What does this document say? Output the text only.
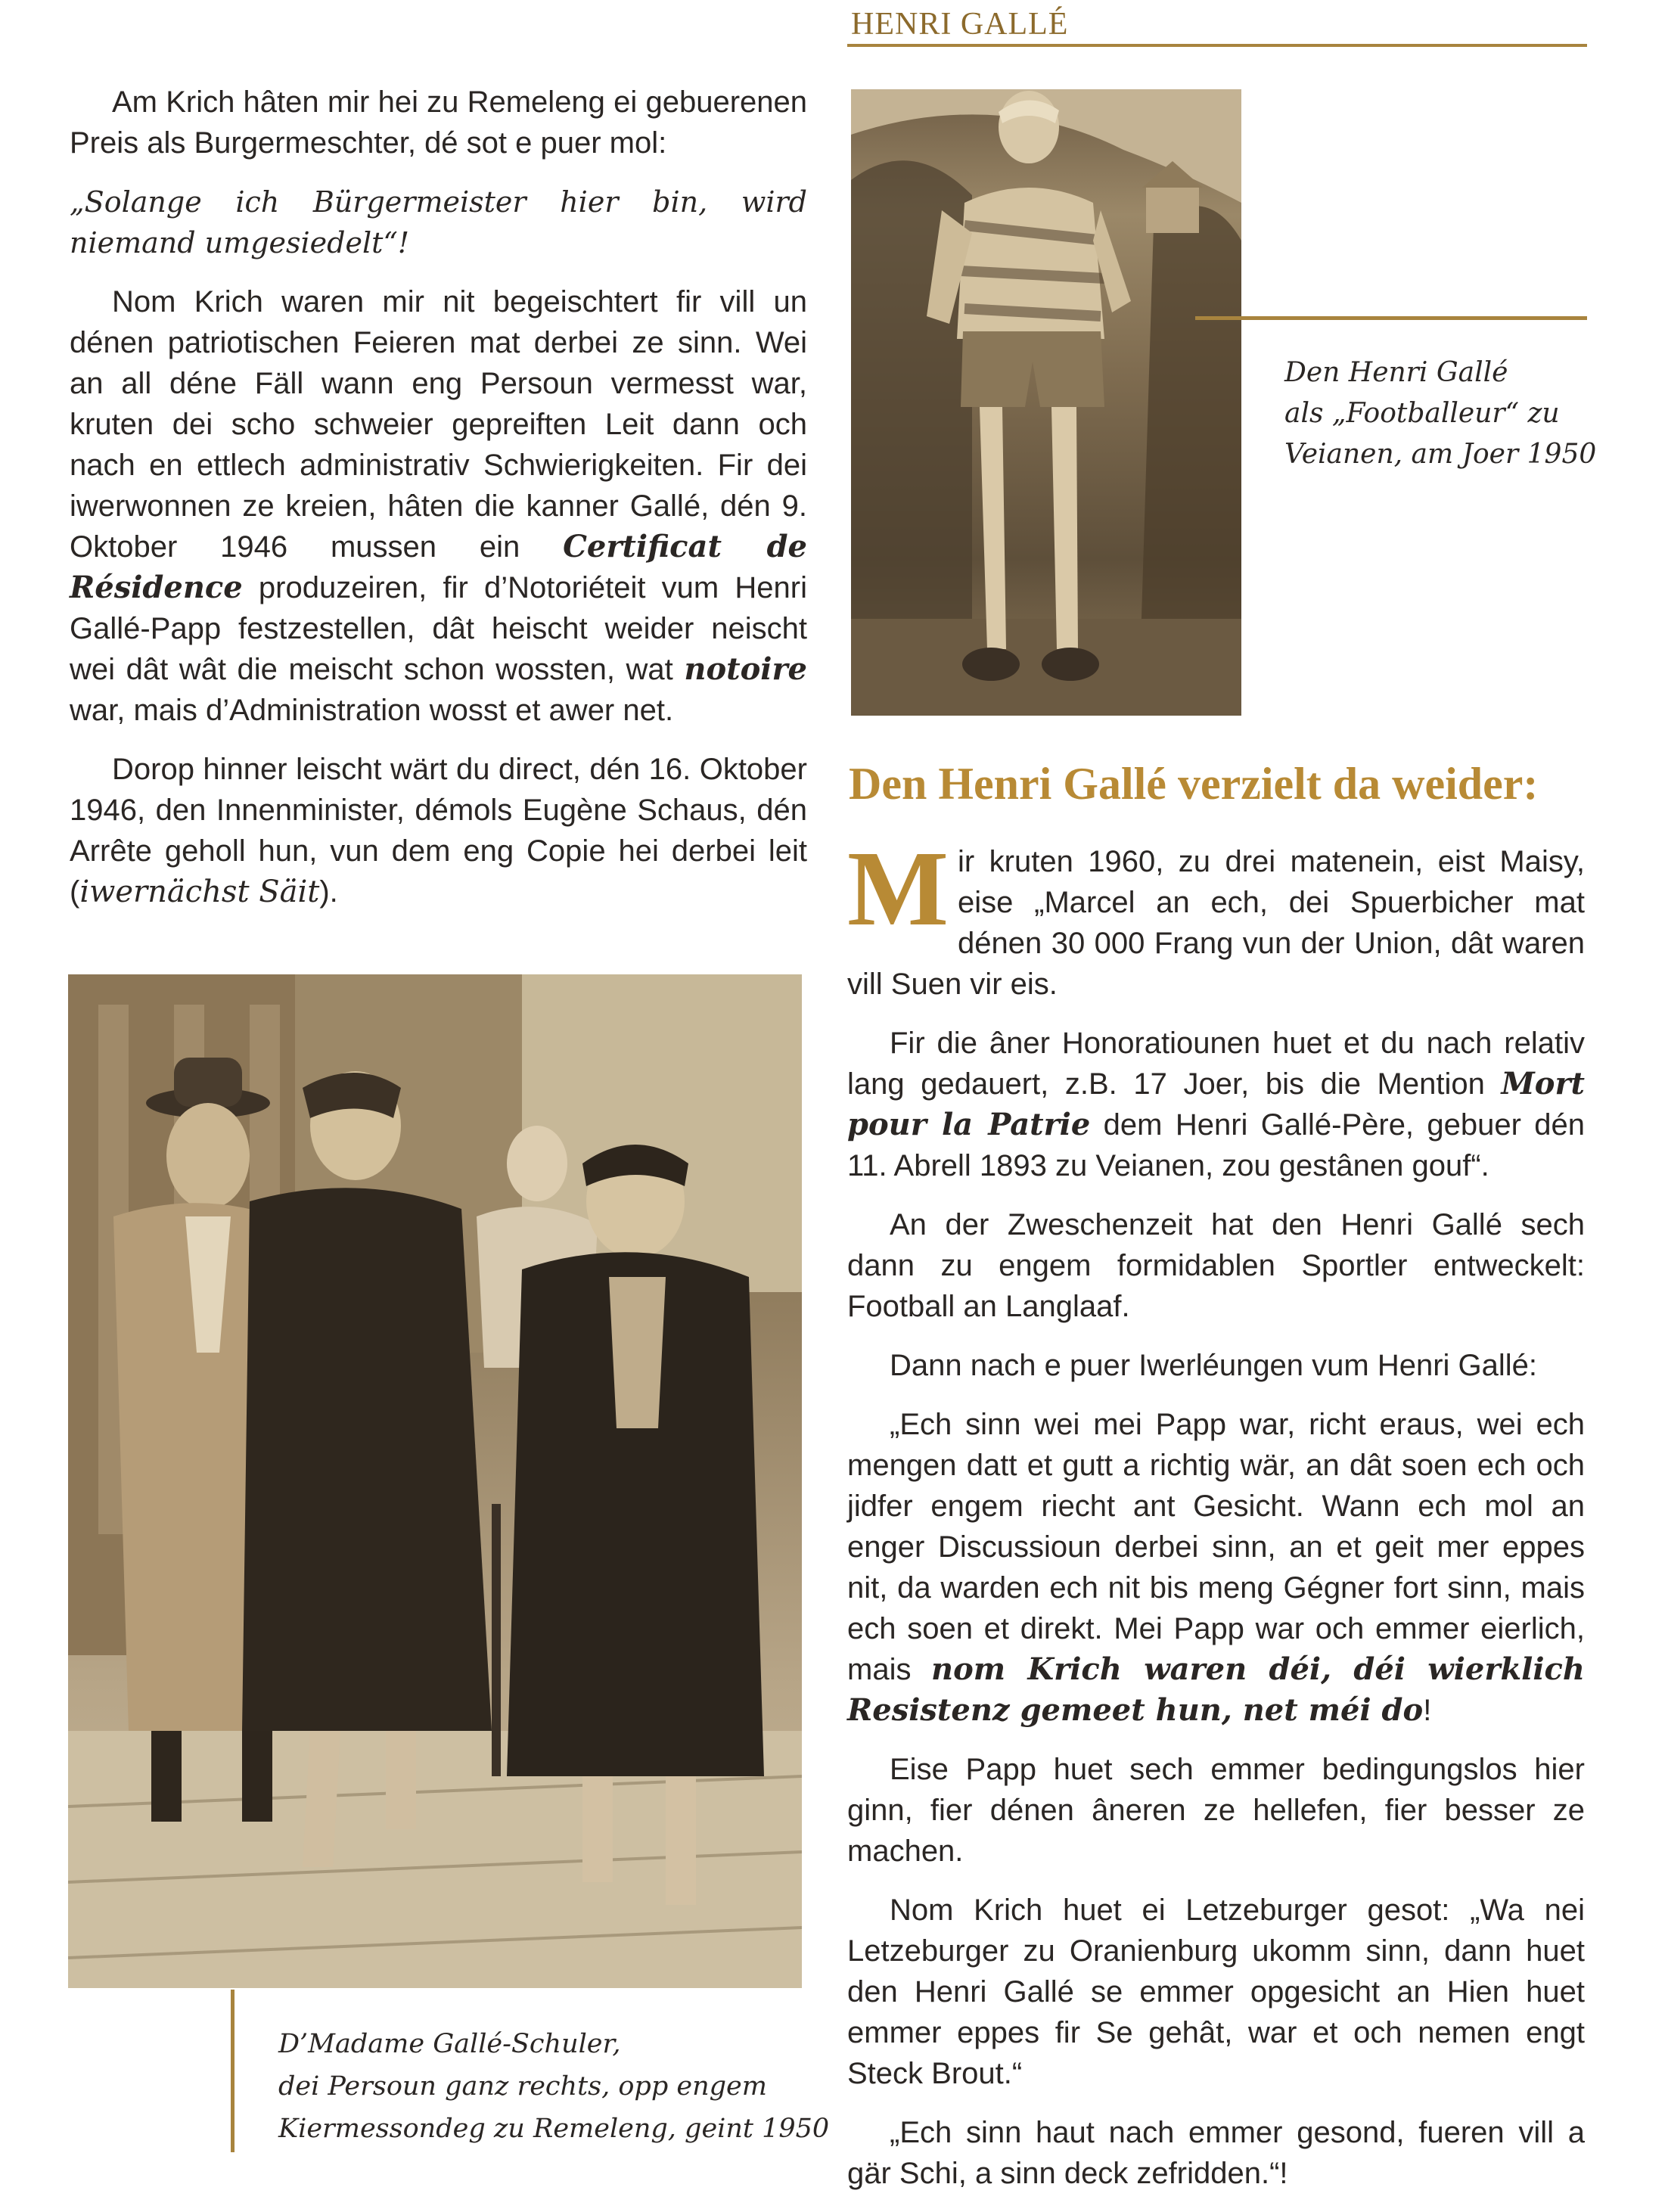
HENRI GALLÉ

Am Krich hâten mir hei zu Remeleng ei gebuerenen Preis als Burgermeschter, dé sot e puer mol:

„Solange ich Bürgermeister hier bin, wird niemand umgesiedelt“!

Nom Krich waren mir nit begeischtert fir vill un dénen patriotischen Feieren mat derbei ze sinn. Wei an all déne Fäll wann eng Persoun vermesst war, kruten dei scho schweier gepreiften Leit dann och nach en ettlech administrativ Schwierigkeiten. Fir dei iwerwonnen ze kreien, hâten die kanner Gallé, dén 9. Oktober 1946 mussen ein Certificat de Résidence produzeiren, fir d’Notoriéteit vum Henri Gallé-Papp festzestellen, dât heischt weider neischt wei dât wât die meischt schon wossten, wat notoire war, mais d’Administration wosst et awer net.

Dorop hinner leischt wärt du direct, dén 16. Oktober 1946, den Innenminister, démols Eugène Schaus, dén Arrête geholl hun, vun dem eng Copie hei derbei leit (iwernächst Säit).

Den Henri Gallé
als „Footballeur“ zu
Veianen, am Joer 1950
Den Henri Gallé verzielt da weider:

Mir kruten 1960, zu drei matenein, eist Maisy, eise „Marcel an ech, dei Spuerbicher mat dénen 30 000 Frang vun der Union, dât waren vill Suen vir eis.

Fir die âner Honoratiounen huet et du nach relativ lang gedauert, z.B. 17 Joer, bis die Mention Mort pour la Patrie dem Henri Gallé-Père, gebuer dén 11. Abrell 1893 zu Veianen, zou gestânen gouf“.

An der Zweschenzeit hat den Henri Gallé sech dann zu engem formidablen Sportler entweckelt: Football an Langlaaf.

Dann nach e puer Iwerléungen vum Henri Gallé:

„Ech sinn wei mei Papp war, richt eraus, wei ech mengen datt et gutt a richtig wär, an dât soen ech och jidfer engem riecht ant Gesicht. Wann ech mol an enger Discussioun derbei sinn, an et geit mer eppes nit, da warden ech nit bis meng Gégner fort sinn, mais ech soen et direkt. Mei Papp war och emmer eierlich, mais nom Krich waren déi, déi wierklich Resistenz gemeet hun, net méi do!

Eise Papp huet sech emmer bedingungslos hier ginn, fier dénen âneren ze hellefen, fier besser ze machen.

Nom Krich huet ei Letzeburger gesot: „Wa nei Letzeburger zu Oranienburg ukomm sinn, dann huet den Henri Gallé se emmer opgesicht an Hien huet emmer eppes fir Se gehât, war et och nemen engt Steck Brout.“

„Ech sinn haut nach emmer gesond, fueren vill a gär Schi, a sinn deck zefridden.“!

D’Madame Gallé-Schuler,
dei Persoun ganz rechts, opp engem
Kiermessondeg zu Remeleng, geint 1950
